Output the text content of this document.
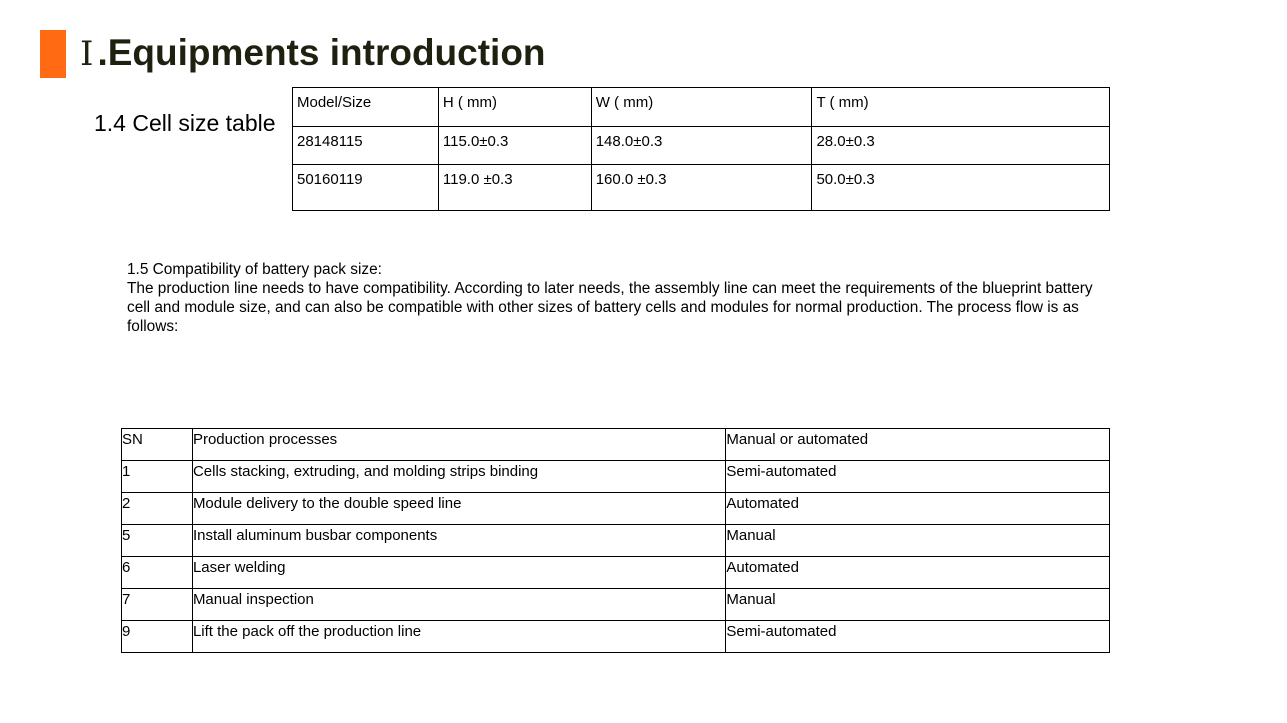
Ⅰ .Equipments introduction
1.4 Cell size table
Model/Size	H ( mm)	W ( mm)	T ( mm)
28148115	115.0±0.3	148.0±0.3	28.0±0.3
50160119	119.0 ±0.3	160.0 ±0.3	50.0±0.3

1.5 Compatibility of battery pack size:

The production line needs to have compatibility. According to later needs, the assembly line can meet the requirements of the blueprint battery cell and module size, and can also be compatible with other sizes of battery cells and modules for normal production. The process flow is as follows:

SN	Production processes	Manual or automated
1	Cells stacking, extruding, and molding strips binding	Semi-automated
2	Module delivery to the double speed line	Automated
5	Install aluminum busbar components	Manual
6	Laser welding	Automated
7	Manual inspection	Manual
9	Lift the pack off the production line	Semi-automated
